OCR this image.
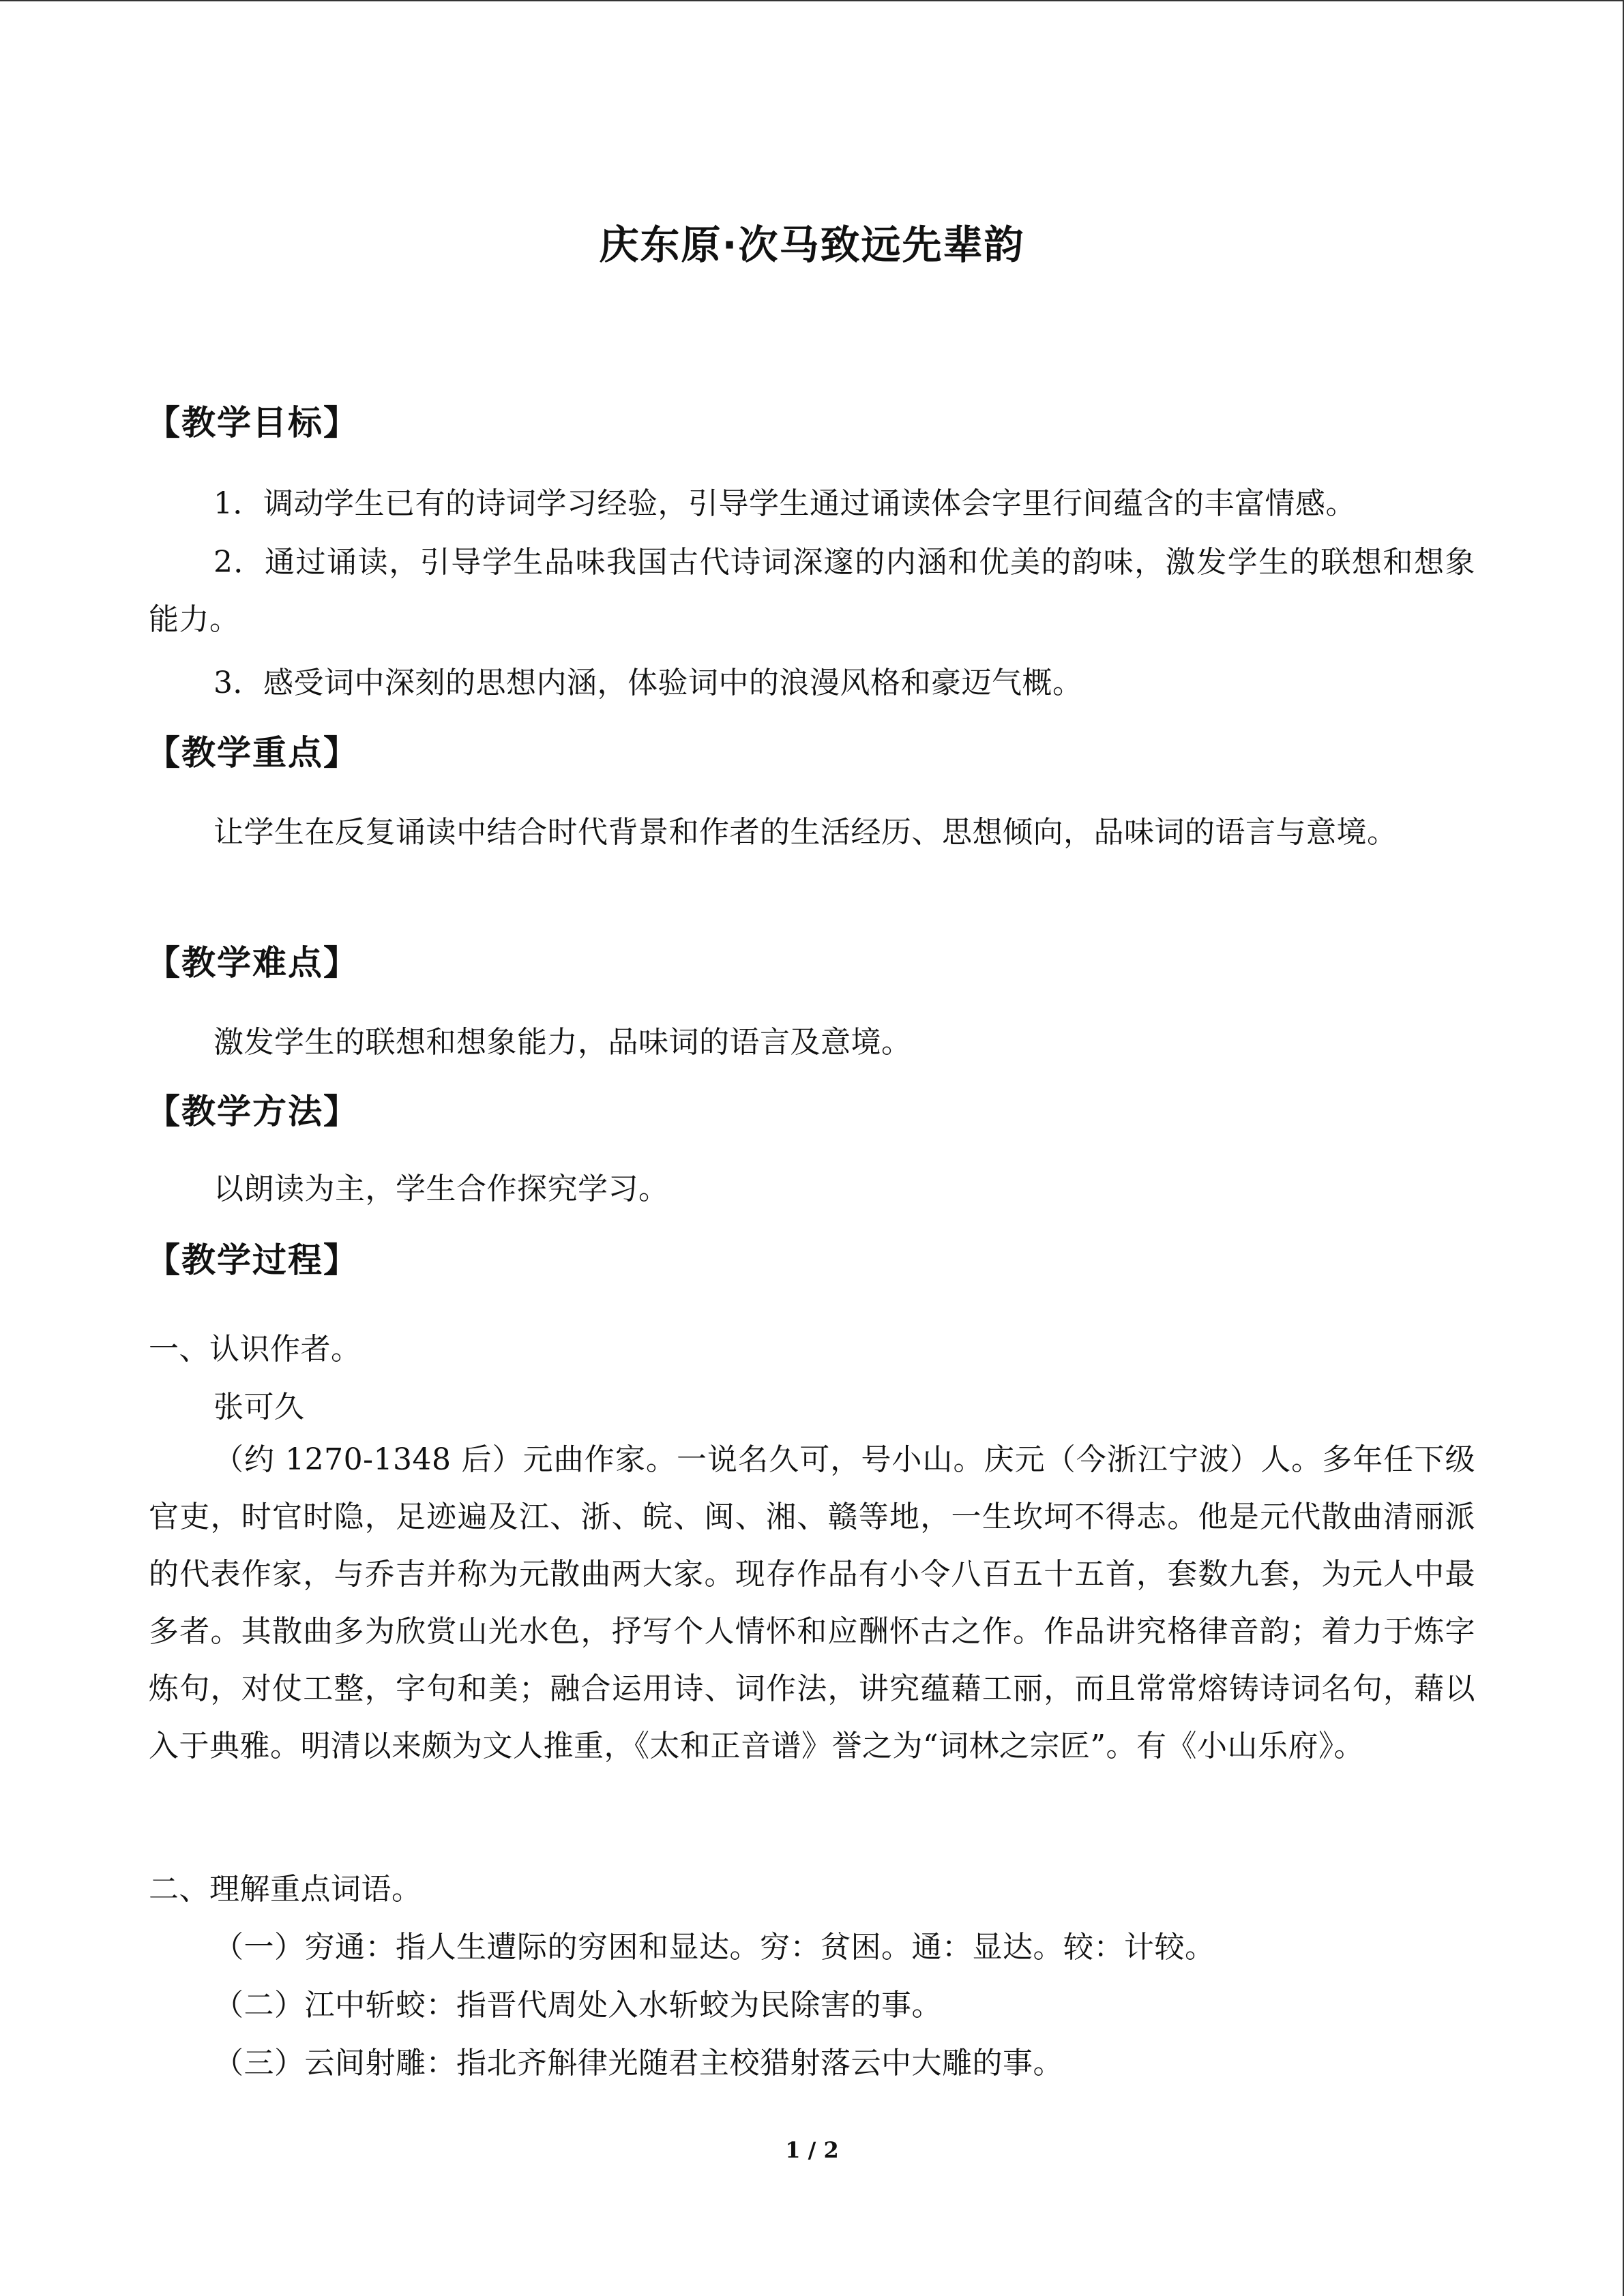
庆东原·次马致远先辈韵
【教学目标】
1．调动学生已有的诗词学习经验，引导学生通过诵读体会字里行间蕴含的丰富情感。
2．通过诵读，引导学生品味我国古代诗词深邃的内涵和优美的韵味，激发学生的联想和想象能力。
3．感受词中深刻的思想内涵，体验词中的浪漫风格和豪迈气概。
【教学重点】
让学生在反复诵读中结合时代背景和作者的生活经历、思想倾向，品味词的语言与意境。
【教学难点】
激发学生的联想和想象能力，品味词的语言及意境。
【教学方法】
以朗读为主，学生合作探究学习。
【教学过程】
一、认识作者。
张可久
（约 1270-1348 后）元曲作家。一说名久可，号小山。庆元（今浙江宁波）人。多年任下级官吏，时官时隐，足迹遍及江、浙、皖、闽、湘、赣等地，一生坎坷不得志。他是元代散曲清丽派的代表作家，与乔吉并称为元散曲两大家。现存作品有小令八百五十五首，套数九套，为元人中最多者。其散曲多为欣赏山光水色，抒写个人情怀和应酬怀古之作。作品讲究格律音韵；着力于炼字炼句，对仗工整，字句和美；融合运用诗、词作法，讲究蕴藉工丽，而且常常熔铸诗词名句，藉以入于典雅。明清以来颇为文人推重，《太和正音谱》誉之为“词林之宗匠”。有《小山乐府》。
二、理解重点词语。
（一）穷通：指人生遭际的穷困和显达。穷：贫困。通：显达。较：计较。
（二）江中斩蛟：指晋代周处入水斩蛟为民除害的事。
（三）云间射雕：指北齐斛律光随君主校猎射落云中大雕的事。
1 / 2
